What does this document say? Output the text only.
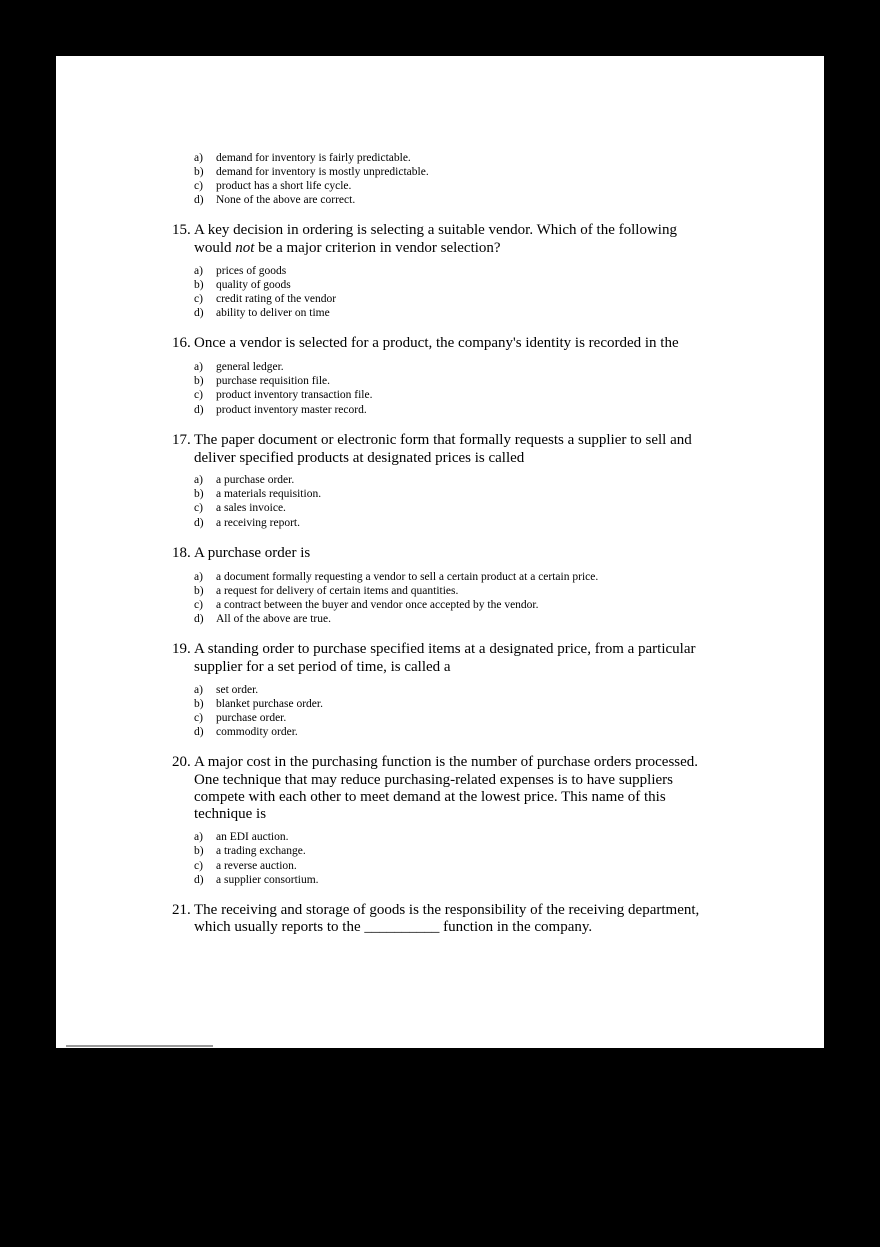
a) demand for inventory is fairly predictable.
b) demand for inventory is mostly unpredictable.
c) product has a short life cycle.
d) None of the above are correct.
15. A key decision in ordering is selecting a suitable vendor. Which of the following
would not be a major criterion in vendor selection?
a) prices of goods
b) quality of goods
c) credit rating of the vendor
d) ability to deliver on time
16. Once a vendor is selected for a product, the company's identity is recorded in the
a) general ledger.
b) purchase requisition file.
c) product inventory transaction file.
d) product inventory master record.
17. The paper document or electronic form that formally requests a supplier to sell and
deliver specified products at designated prices is called
a) a purchase order.
b) a materials requisition.
c) a sales invoice.
d) a receiving report.
18. A purchase order is
a) a document formally requesting a vendor to sell a certain product at a certain price.
b) a request for delivery of certain items and quantities.
c) a contract between the buyer and vendor once accepted by the vendor.
d) All of the above are true.
19. A standing order to purchase specified items at a designated price, from a particular
supplier for a set period of time, is called a
a) set order.
b) blanket purchase order.
c) purchase order.
d) commodity order.
20. A major cost in the purchasing function is the number of purchase orders processed.
One technique that may reduce purchasing-related expenses is to have suppliers
compete with each other to meet demand at the lowest price. This name of this
technique is
a) an EDI auction.
b) a trading exchange.
c) a reverse auction.
d) a supplier consortium.
21. The receiving and storage of goods is the responsibility of the receiving department,
which usually reports to the __________ function in the company.
